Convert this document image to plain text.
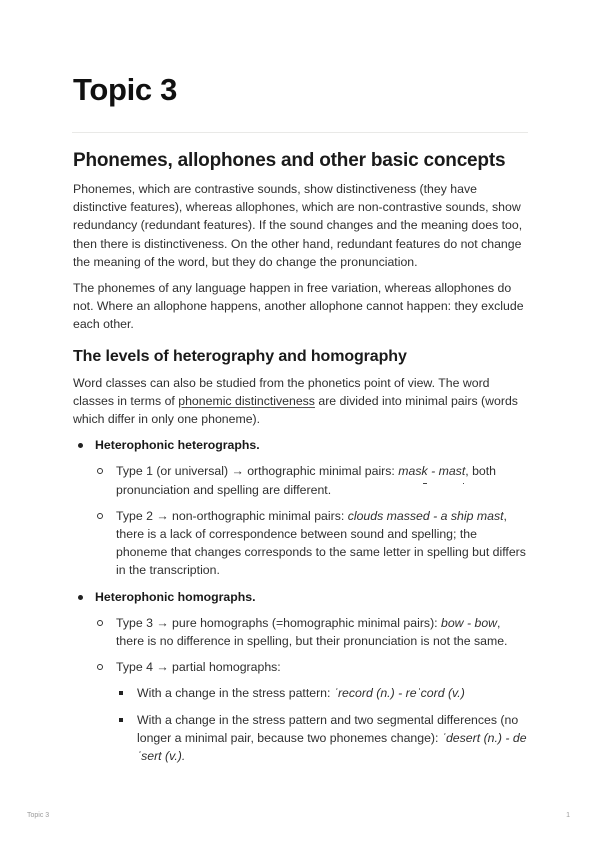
Topic 3
Phonemes, allophones and other basic concepts

Phonemes, which are contrastive sounds, show distinctiveness (they have distinctive features), whereas allophones, which are non-contrastive sounds, show redundancy (redundant features). If the sound changes and the meaning does too, then there is distinctiveness. On the other hand, redundant features do not change the meaning of the word, but they do change the pronunciation.

The phonemes of any language happen in free variation, whereas allophones do not. Where an allophone happens, another allophone cannot happen: they exclude each other.

The levels of heterography and homography

Word classes can also be studied from the phonetics point of view. The word classes in terms of phonemic distinctiveness are divided into minimal pairs (words which differ in only one phoneme).

Heterophonic heterographs.
Type 1 (or universal) → orthographic minimal pairs: mask - mast, both pronunciation and spelling are different.
Type 2 → non-orthographic minimal pairs: clouds massed - a ship mast, there is a lack of correspondence between sound and spelling; the phoneme that changes corresponds to the same letter in spelling but differs in the transcription.
Heterophonic homographs.
Type 3 → pure homographs (=homographic minimal pairs): bow - bow, there is no difference in spelling, but their pronunciation is not the same.
Type 4 → partial homographs:
With a change in the stress pattern: ˈrecord (n.) - reˈcord (v.)
With a change in the stress pattern and two segmental differences (no longer a minimal pair, because two phonemes change): ˈdesert (n.) - deˈsert (v.).
Topic 3	1
